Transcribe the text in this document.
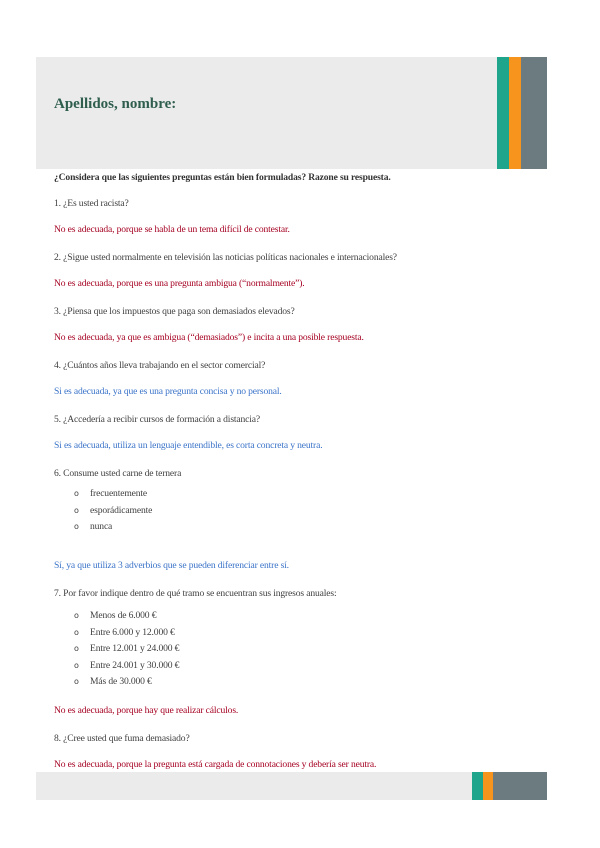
Apellidos, nombre:

¿Considera que las siguientes preguntas están bien formuladas? Razone su respuesta.

1. ¿Es usted racista?

No es adecuada, porque se habla de un tema difícil de contestar.

2. ¿Sigue usted normalmente en televisión las noticias políticas nacionales e internacionales?

No es adecuada, porque es una pregunta ambigua (“normalmente”).

3. ¿Piensa que los impuestos que paga son demasiados elevados?

No es adecuada, ya que es ambigua (“demasiados”) e incita a una posible respuesta.

4. ¿Cuántos años lleva trabajando en el sector comercial?

Si es adecuada, ya que es una pregunta concisa y no personal.

5. ¿Accedería a recibir cursos de formación a distancia?

Si es adecuada, utiliza un lenguaje entendible, es corta concreta y neutra.

6. Consume usted carne de ternera

o frecuentemente
o esporádicamente
o nunca

Sí, ya que utiliza 3 adverbios que se pueden diferenciar entre sí.

7. Por favor indique dentro de qué tramo se encuentran sus ingresos anuales:

o Menos de 6.000 €
o Entre 6.000 y 12.000 €
o Entre 12.001 y 24.000 €
o Entre 24.001 y 30.000 €
o Más de 30.000 €

No es adecuada, porque hay que realizar cálculos.

8. ¿Cree usted que fuma demasiado?

No es adecuada, porque la pregunta está cargada de connotaciones y debería ser neutra.
